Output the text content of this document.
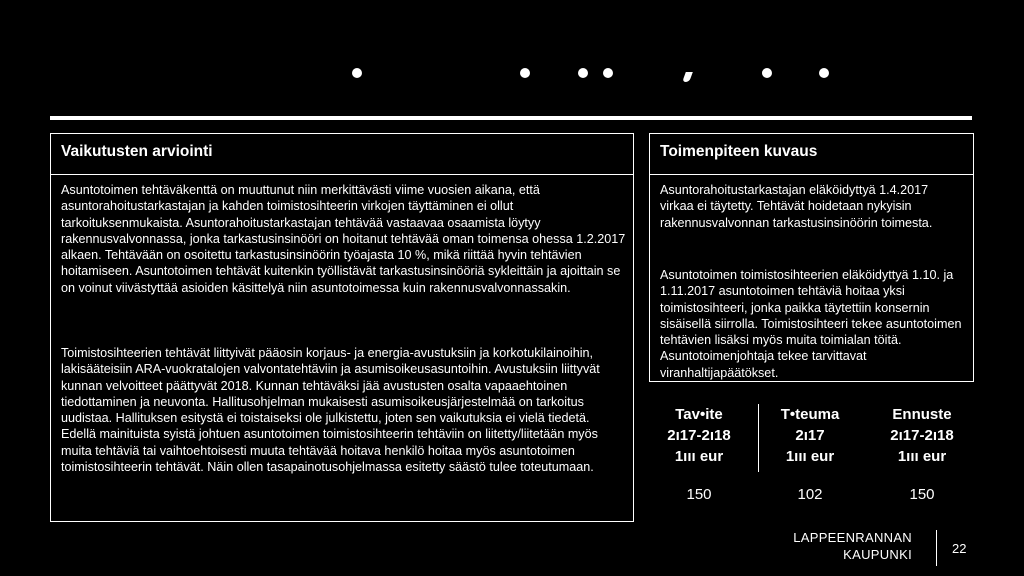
Vaikutusten arviointi

Asuntotoimen tehtäväkenttä on muuttunut niin merkittävästi viime vuosien aikana, että asuntorahoitustarkastajan ja kahden toimistosihteerin virkojen täyttäminen ei ollut tarkoituksenmukaista. Asuntorahoitustarkastajan tehtävää vastaavaa osaamista löytyy rakennusvalvonnassa, jonka tarkastusinsinööri on hoitanut tehtävää oman toimensa ohessa 1.2.2017 alkaen. Tehtävään on osoitettu tarkastusinsinöörin työajasta 10 %, mikä riittää hyvin tehtävien hoitamiseen. Asuntotoimen tehtävät kuitenkin työllistävät tarkastusinsinööriä sykleittäin ja ajoittain se on voinut viivästyttää asioiden käsittelyä niin asuntotoimessa kuin rakennusvalvonnassakin.

Toimistosihteerien tehtävät liittyivät pääosin korjaus- ja energia-avustuksiin ja korkotukilainoihin, lakisääteisiin ARA-vuokratalojen valvontatehtäviin ja asumisoikeusasuntoihin. Avustuksiin liittyvät kunnan velvoitteet päättyvät 2018. Kunnan tehtäväksi jää avustusten osalta vapaaehtoinen tiedottaminen ja neuvonta. Hallitusohjelman mukaisesti asumisoikeusjärjestelmää on tarkoitus uudistaa. Hallituksen esitystä ei toistaiseksi ole julkistettu, joten sen vaikutuksia ei vielä tiedetä. Edellä mainituista syistä johtuen asuntotoimen toimistosihteerin tehtäviin on liitetty/liitetään myös muita tehtäviä tai vaihtoehtoisesti muuta tehtävää hoitava henkilö hoitaa myös asuntotoimen toimistosihteerin tehtävät. Näin ollen tasapainotusohjelmassa esitetty säästö tulee toteutumaan.

Toimenpiteen kuvaus

Asuntorahoitustarkastajan eläköidyttyä 1.4.2017 virkaa ei täytetty. Tehtävät hoidetaan nykyisin rakennusvalvonnan tarkastusinsinöörin toimesta.

Asuntotoimen toimistosihteerien eläköidyttyä 1.10. ja 1.11.2017 asuntotoimen tehtäviä hoitaa yksi toimistosihteeri, jonka paikka täytettiin konsernin sisäisellä siirrolla. Toimistosihteeri tekee asuntotoimen tehtävien lisäksi myös muita toimialan töitä. Asuntotoimenjohtaja tekee tarvittavat viranhaltijapäätökset.

Tav•ite
2ı17-2ı18
1ııı eur
T•teuma
2ı17
1ııı eur
Ennuste
2ı17-2ı18
1ııı eur
150	102	150
LAPPEENRANNAN
KAUPUNKI	22
